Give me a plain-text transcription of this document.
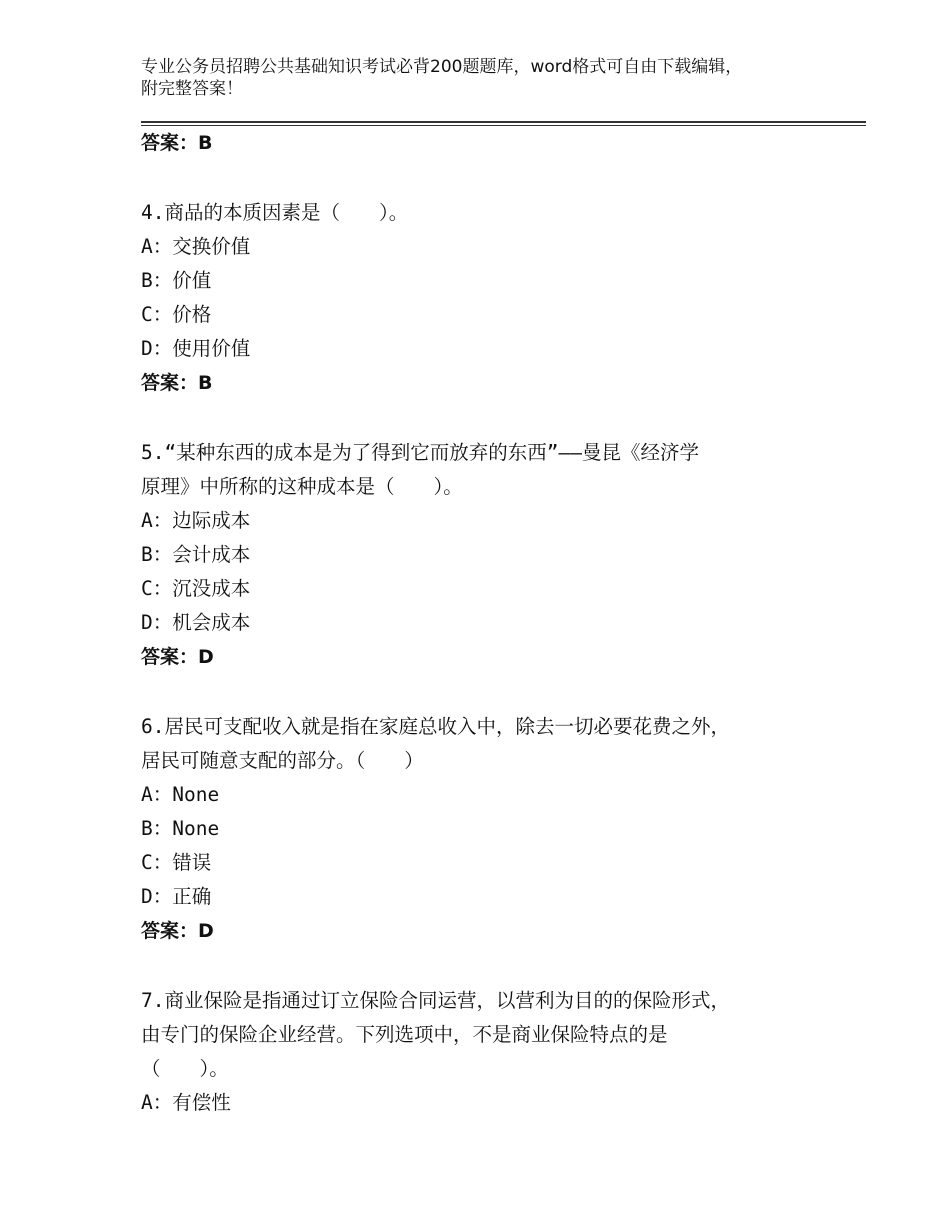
专业公务员招聘公共基础知识考试必背200题题库，word格式可自由下载编辑，
附完整答案！
答案：B
4.商品的本质因素是（　　）。
A：交换价值
B：价值
C：价格
D：使用价值
答案：B
5.“某种东西的成本是为了得到它而放弃的东西”——曼昆《经济学
原理》中所称的这种成本是（　　）。
A：边际成本
B：会计成本
C：沉没成本
D：机会成本
答案：D
6.居民可支配收入就是指在家庭总收入中，除去一切必要花费之外，
居民可随意支配的部分。（　　）
A：None
B：None
C：错误
D：正确
答案：D
7.商业保险是指通过订立保险合同运营，以营利为目的的保险形式，
由专门的保险企业经营。下列选项中，不是商业保险特点的是
（　　）。
A：有偿性
